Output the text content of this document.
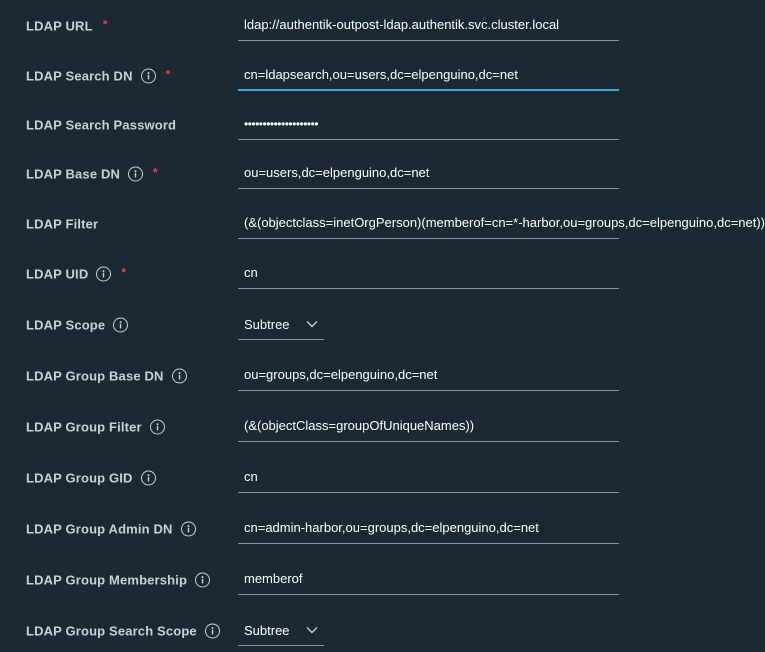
LDAP URL *	ldap://authentik-outpost-ldap.authentik.svc.cluster.local
LDAP Search DN	*	cn=ldapsearch,ou=users,dc=elpenguino,dc=net
LDAP Search Password	••••••••••••••••••••
LDAP Base DN	*	ou=users,dc=elpenguino,dc=net
LDAP Filter	(&(objectclass=inetOrgPerson)(memberof=cn=*-harbor,ou=groups,dc=elpenguino,dc=net))
LDAP UID	*	cn
LDAP Scope	Subtree
LDAP Group Base DN	ou=groups,dc=elpenguino,dc=net
LDAP Group Filter	(&(objectClass=groupOfUniqueNames))
LDAP Group GID	cn
LDAP Group Admin DN	cn=admin-harbor,ou=groups,dc=elpenguino,dc=net
LDAP Group Membership	memberof
LDAP Group Search Scope	Subtree
